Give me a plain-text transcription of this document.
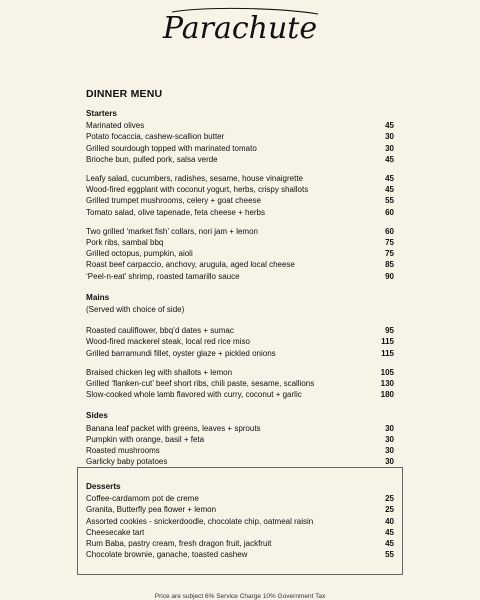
Parachute
DINNER MENU
Starters
Marinated olives	45
Potato focaccia, cashew-scallion butter	30
Grilled sourdough topped with marinated tomato	30
Brioche bun, pulled pork, salsa verde	45
Leafy salad, cucumbers, radishes, sesame, house vinaigrette	45
Wood-fired eggplant with coconut yogurt, herbs, crispy shallots	45
Grilled trumpet mushrooms, celery + goat cheese	55
Tomato salad, olive tapenade, feta cheese + herbs	60
Two grilled ‘market fish’ collars, nori jam + lemon	60
Pork ribs, sambal bbq	75
Grilled octopus, pumpkin, aioli	75
Roast beef carpaccio, anchovy, arugula, aged local cheese	85
‘Peel-n-eat’ shrimp, roasted tamarillo sauce	90
Mains
(Served with choice of side)
Roasted cauliflower, bbq’d dates + sumac	95
Wood-fired mackerel steak, local red rice miso	115
Grilled barramundi fillet, oyster glaze + pickled onions	115
Braised chicken leg with shallots + lemon	105
Grilled ‘flanken-cut’ beef short ribs, chili paste, sesame, scallions	130
Slow-cooked whole lamb flavored with curry, coconut + garlic	180
Sides
Banana leaf packet with greens, leaves + sprouts	30
Pumpkin with orange, basil + feta	30
Roasted mushrooms	30
Garlicky baby potatoes	30
Desserts
Coffee-cardamom pot de creme	25
Granita, Butterfly pea flower + lemon	25
Assorted cookies - snickerdoodle, chocolate chip, oatmeal raisin	40
Cheesecake tart	45
Rum Baba, pastry cream, fresh dragon fruit, jackfruit	45
Chocolate brownie, ganache, toasted cashew	55
Price are subject 6% Service Charge 10% Government Tax
